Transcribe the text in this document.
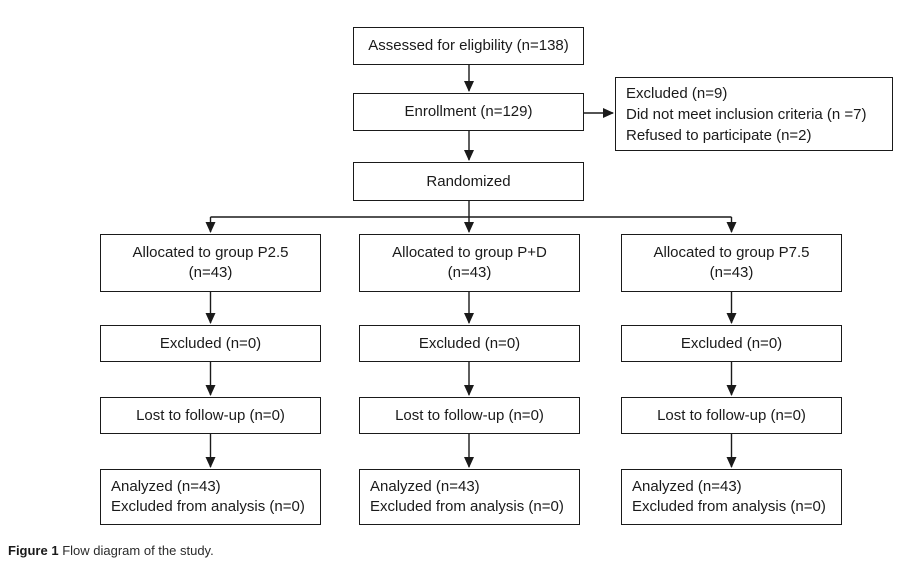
Assessed for eligbility (n=138)
Enrollment (n=129)
Excluded (n=9)
Did not meet inclusion criteria (n =7)
Refused to participate (n=2)
Randomized
Allocated to group P2.5
(n=43)
Excluded (n=0)
Lost to follow-up (n=0)
Analyzed (n=43)
Excluded from analysis (n=0)
Allocated to group P+D
(n=43)
Excluded (n=0)
Lost to follow-up (n=0)
Analyzed (n=43)
Excluded from analysis (n=0)
Allocated to group P7.5
(n=43)
Excluded (n=0)
Lost to follow-up (n=0)
Analyzed (n=43)
Excluded from analysis (n=0)
Figure 1 Flow diagram of the study.
